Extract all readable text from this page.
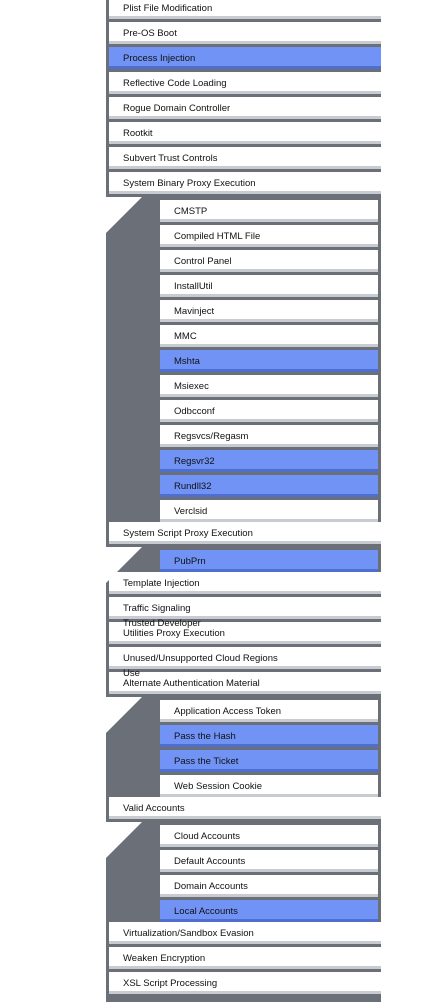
Plist File Modification
Pre-OS Boot
Process Injection
Reflective Code Loading
Rogue Domain Controller
Rootkit
Subvert Trust Controls
System Binary Proxy Execution
CMSTP
Compiled HTML File
Control Panel
InstallUtil
Mavinject
MMC
Mshta
Msiexec
Odbcconf
Regsvcs/Regasm
Regsvr32
Rundll32
Verclsid
System Script Proxy Execution
PubPrn
Template Injection
Traffic Signaling
Trusted Developer
Utilities Proxy Execution
Unused/Unsupported Cloud Regions
Use
Alternate Authentication Material
Application Access Token
Pass the Hash
Pass the Ticket
Web Session Cookie
Valid Accounts
Cloud Accounts
Default Accounts
Domain Accounts
Local Accounts
Virtualization/Sandbox Evasion
Weaken Encryption
XSL Script Processing
